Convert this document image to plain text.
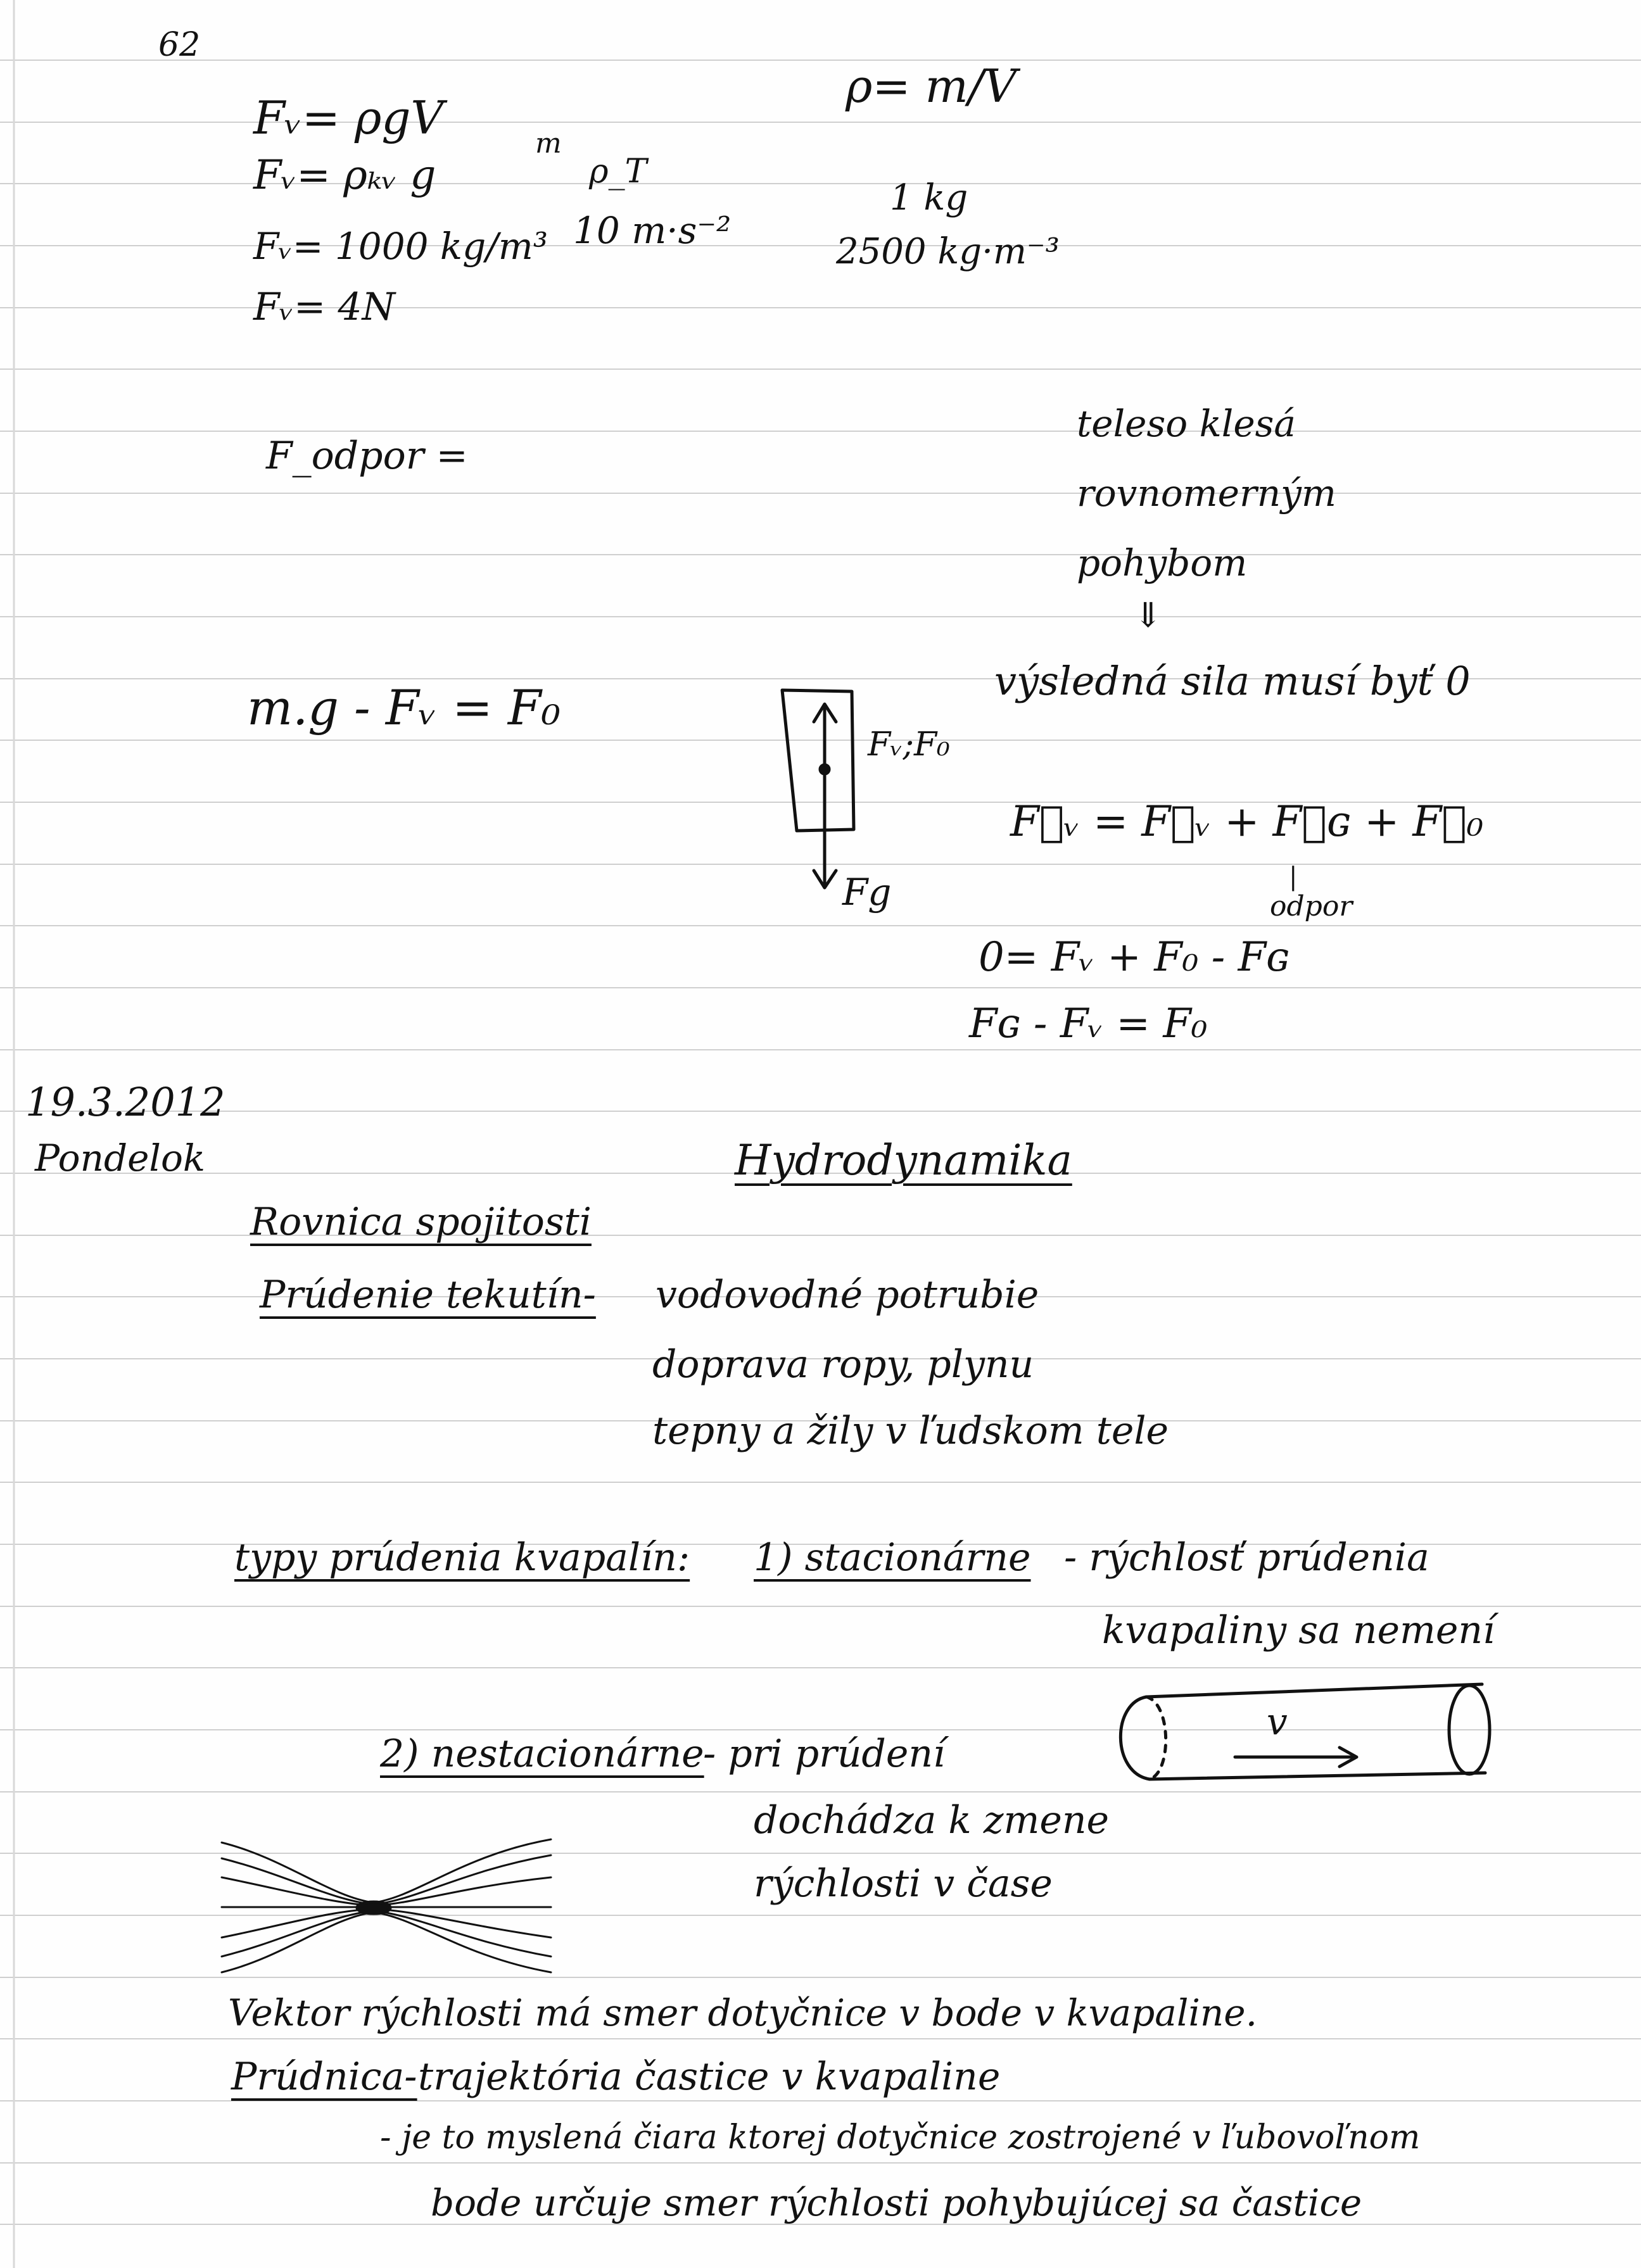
62
Fᵥ= ρgV
Fᵥ= ρₖᵥ g
m
ρ_T
Fᵥ= 1000 kg/m³ 10 m·s⁻²
Fᵥ= 4N
ρ= m/V
1 kg
2500 kg·m⁻³
F_odpor =
teleso klesá
rovnomerným
pohybom
⇓
výsledná sila musí byť 0
m.g - Fᵥ = F₀
Fᵥ;F₀
Fg
F⃗ᵥ = F⃗ᵥ + F⃗ɢ + F⃗₀
|
odpor
0= Fᵥ + F₀ - Fɢ
Fɢ - Fᵥ = F₀
19.3.2012
Pondelok	Hydrodynamika
Rovnica spojitosti
Prúdenie tekutín- vodovodné potrubie
doprava ropy, plynu
tepny a žily v ľudskom tele
typy prúdenia kvapalín: 1) stacionárne - rýchlosť prúdenia
kvapaliny sa nemení
v
2) nestacionárne
- pri prúdení
dochádza k zmene
rýchlosti v čase
Vektor rýchlosti má smer dotyčnice v bode v kvapaline.
Prúdnica- trajektória častice v kvapaline
- je to myslená čiara ktorej dotyčnice zostrojené v ľubovoľnom
bode určuje smer rýchlosti pohybujúcej sa častice
